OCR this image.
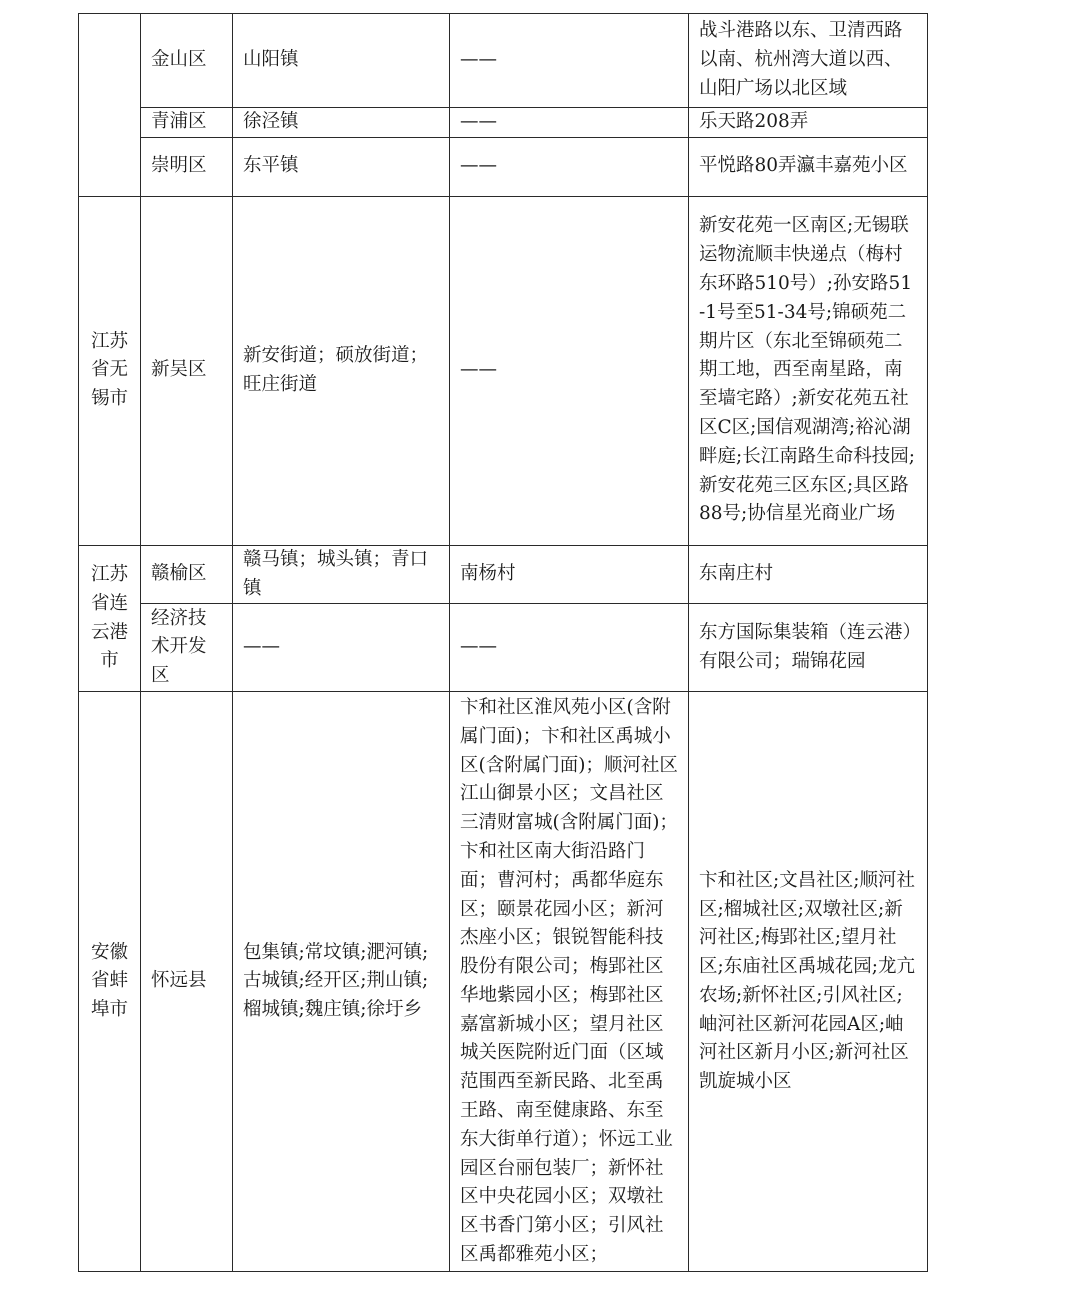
	金山区	山阳镇	——	战斗港路以东、卫清西路以南、杭州湾大道以西、山阳广场以北区域
	青浦区	徐泾镇	——	乐天路208弄
	崇明区	东平镇	——	平悦路80弄瀛丰嘉苑小区
江苏省无锡市	新吴区	新安街道；硕放街道；旺庄街道	——	新安花苑一区南区;无锡联运物流顺丰快递点（梅村东环路510号）;孙安路51-1号至51-34号;锦硕苑二期片区（东北至锦硕苑二期工地，西至南星路，南至墙宅路）;新安花苑五社区C区;国信观湖湾;裕沁湖畔庭;长江南路生命科技园;新安花苑三区东区;具区路88号;协信星光商业广场
江苏省连云港市	赣榆区	赣马镇；城头镇；青口镇	南杨村	东南庄村
	经济技术开发区	——	——	东方国际集装箱（连云港）有限公司；瑞锦花园
安徽省蚌埠市	怀远县	包集镇;常坟镇;淝河镇;古城镇;经开区;荆山镇;榴城镇;魏庄镇;徐圩乡	卞和社区淮风苑小区(含附属门面)；卞和社区禹城小区(含附属门面)；顺河社区江山御景小区；文昌社区三清财富城(含附属门面)；卞和社区南大街沿路门面；曹河村；禹都华庭东区；颐景花园小区；新河杰座小区；银锐智能科技股份有限公司；梅郢社区华地紫园小区；梅郢社区嘉富新城小区；望月社区城关医院附近门面（区域范围西至新民路、北至禹王路、南至健康路、东至东大街单行道）；怀远工业园区台丽包装厂；新怀社区中央花园小区；双墩社区书香门第小区；引风社区禹都雅苑小区；	卞和社区;文昌社区;顺河社区;榴城社区;双墩社区;新河社区;梅郢社区;望月社区;东庙社区禹城花园;龙亢农场;新怀社区;引风社区;岫河社区新河花园A区;岫河社区新月小区;新河社区凯旋城小区
